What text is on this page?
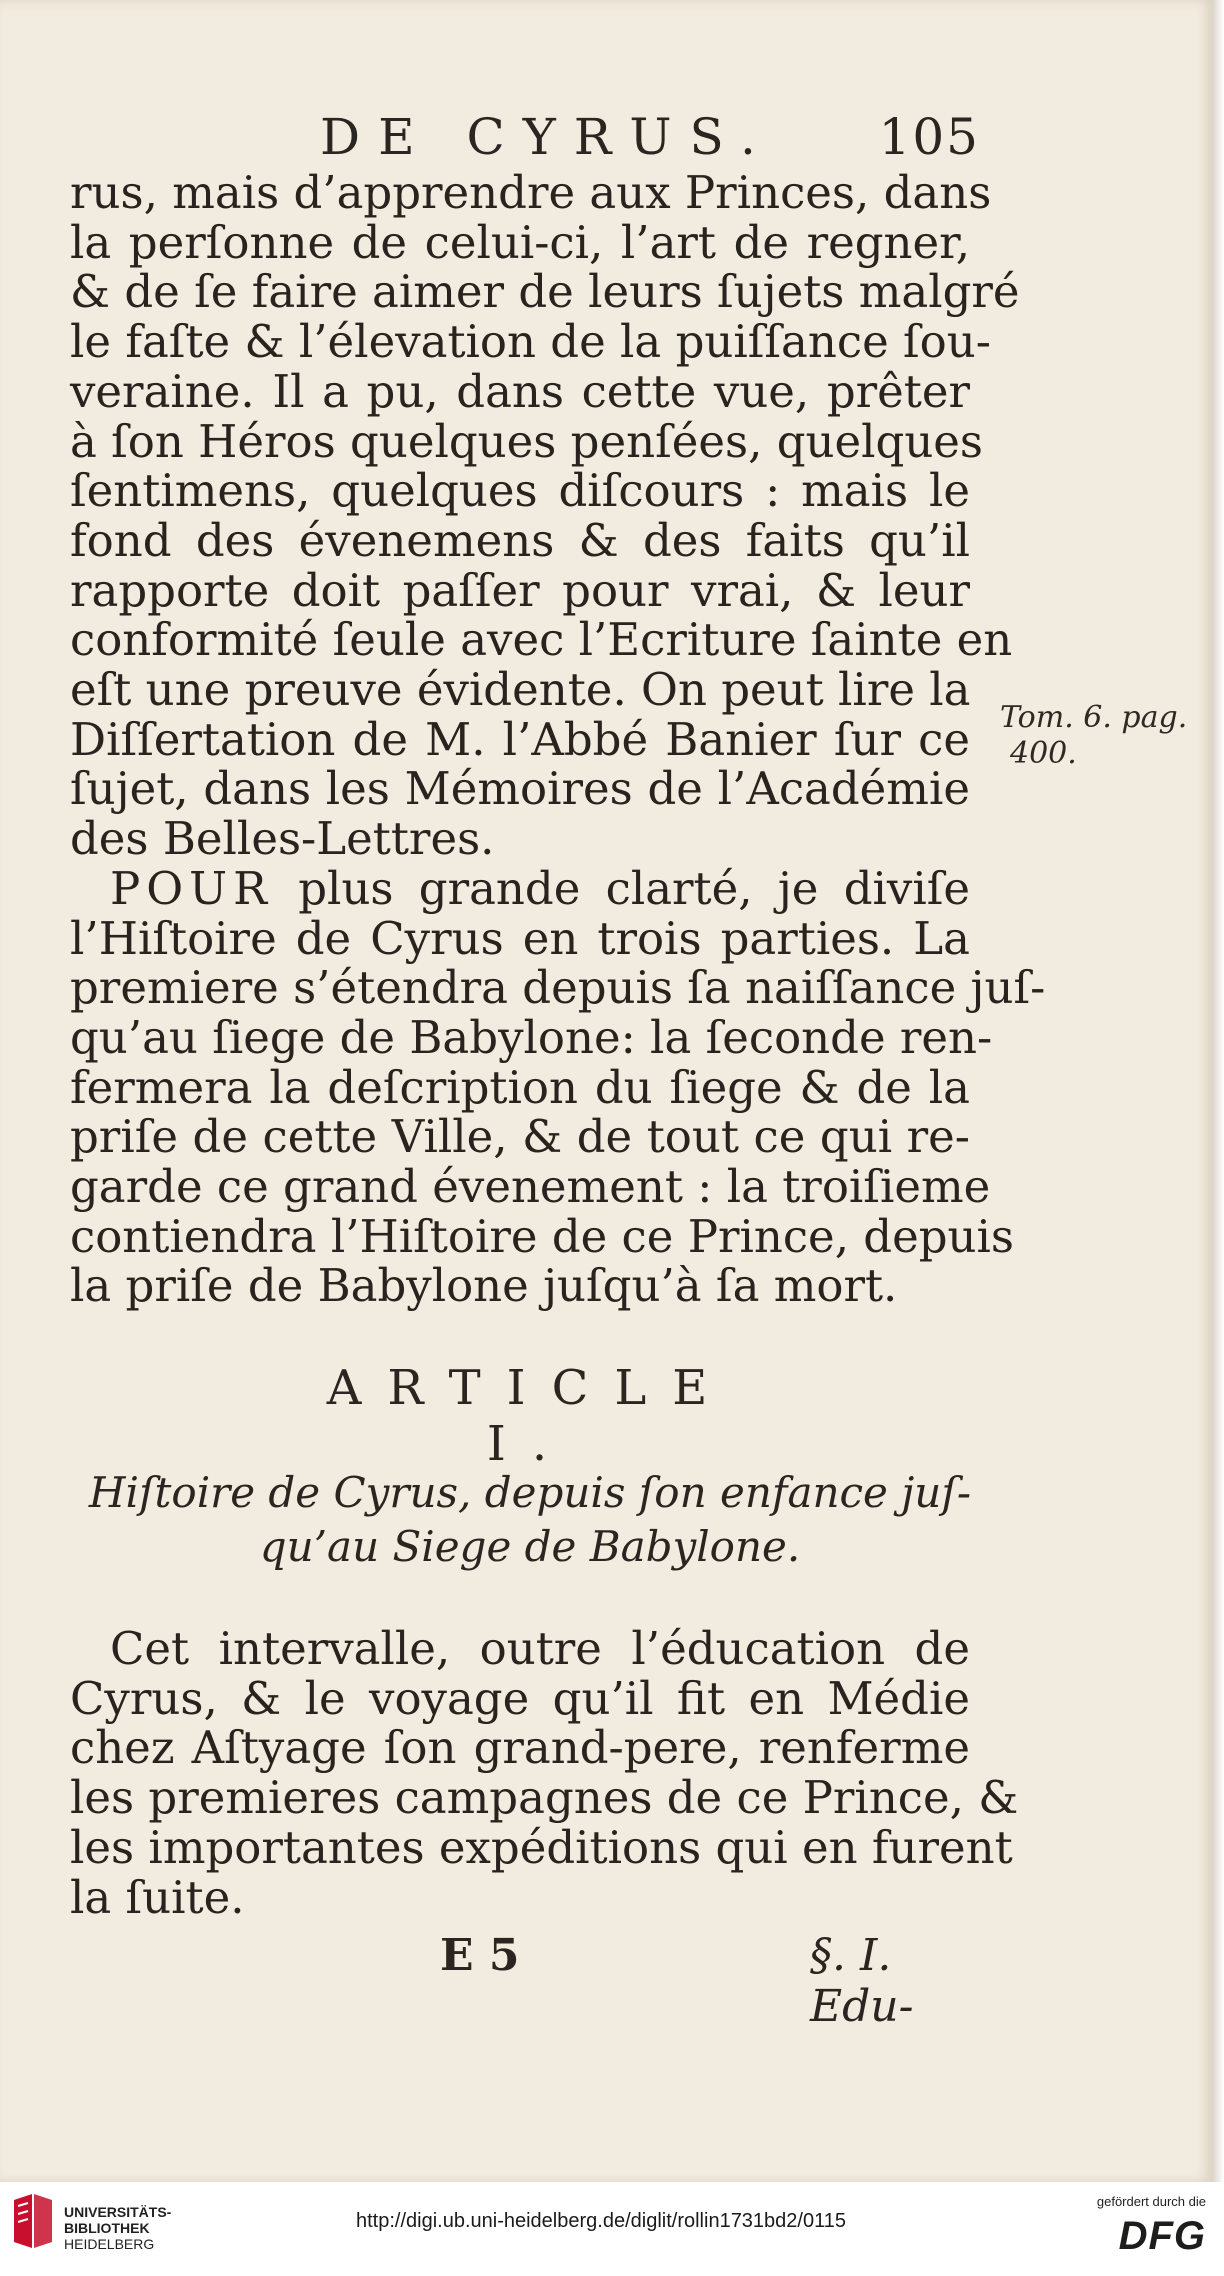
DE CYRUS. 105
rus, mais d’apprendre aux Princes, dans
la perſonne de celui-ci, l’art de regner,
& de ſe faire aimer de leurs ſujets malgré
le faſte & l’élevation de la puiſſance ſou-
veraine. Il a pu, dans cette vue, prêter
à ſon Héros quelques penſées, quelques
ſentimens, quelques diſcours : mais le
fond des évenemens & des faits qu’il
rapporte doit paſſer pour vrai, & leur
conformité ſeule avec l’Ecriture ſainte en
eſt une preuve évidente. On peut lire la
Diſſertation de M. l’Abbé Banier ſur ce
ſujet, dans les Mémoires de l’Académie
des Belles-Lettres.
POUR plus grande clarté, je diviſe
l’Hiſtoire de Cyrus en trois parties. La
premiere s’étendra depuis ſa naiſſance juſ-
qu’au ſiege de Babylone: la ſeconde ren-
fermera la deſcription du ſiege & de la
priſe de cette Ville, & de tout ce qui re-
garde ce grand évenement : la troiſieme
contiendra l’Hiſtoire de ce Prince, depuis
la priſe de Babylone juſqu’à ſa mort.
Tom. 6. pag.
400.
ARTICLE I.
Hiſtoire de Cyrus, depuis ſon enfance juſ-
qu’au Siege de Babylone.
Cet intervalle, outre l’éducation de
Cyrus, & le voyage qu’il fit en Médie
chez Aſtyage ſon grand-pere, renferme
les premieres campagnes de ce Prince, &
les importantes expéditions qui en furent
la ſuite.
E 5	§. I. Edu-
UNIVERSITÄTS-
BIBLIOTHEK
HEIDELBERG
http://digi.ub.uni-heidelberg.de/diglit/rollin1731bd2/0115
gefördert durch die
DFG
